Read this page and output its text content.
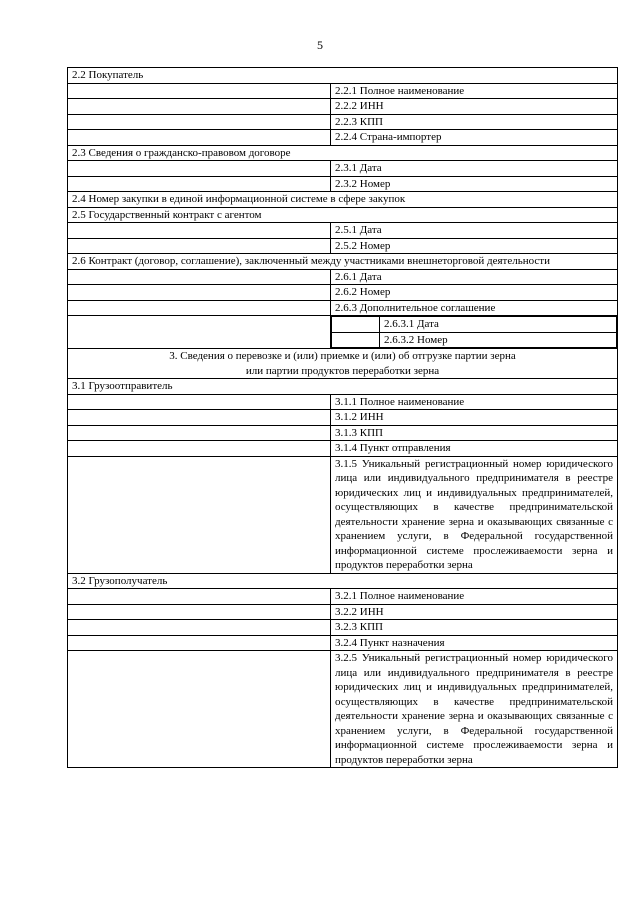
5
2.2 Покупатель
	2.2.1 Полное наименование
	2.2.2 ИНН
	2.2.3 КПП
	2.2.4 Страна-импортер
2.3 Сведения о гражданско-правовом договоре
	2.3.1 Дата
	2.3.2 Номер
2.4 Номер закупки в единой информационной системе в сфере закупок
2.5 Государственный контракт с агентом
	2.5.1 Дата
	2.5.2 Номер
2.6 Контракт (договор, соглашение), заключенный между участниками внешнеторговой деятельности
	2.6.1 Дата
	2.6.2 Номер
	2.6.3 Дополнительное соглашение

	2.6.3.1 Дата
	2.6.3.2 Номер

3. Сведения о перевозке и (или) приемке и (или) об отгрузке партии зерна
или партии продуктов переработки зерна
3.1 Грузоотправитель
	3.1.1 Полное наименование
	3.1.2 ИНН
	3.1.3 КПП
	3.1.4 Пункт отправления
	3.1.5 Уникальный регистрационный номер юридического лица или индивидуального предпринимателя в реестре юридических лиц и индивидуальных предпринимателей, осуществляющих в качестве предпринимательской деятельности хранение зерна и оказывающих связанные с хранением услуги, в Федеральной государственной информационной системе прослеживаемости зерна и продуктов переработки зерна
3.2 Грузополучатель
	3.2.1 Полное наименование
	3.2.2 ИНН
	3.2.3 КПП
	3.2.4 Пункт назначения
	3.2.5 Уникальный регистрационный номер юридического лица или индивидуального предпринимателя в реестре юридических лиц и индивидуальных предпринимателей, осуществляющих в качестве предпринимательской деятельности хранение зерна и оказывающих связанные с хранением услуги, в Федеральной государственной информационной системе прослеживаемости зерна и продуктов переработки зерна
